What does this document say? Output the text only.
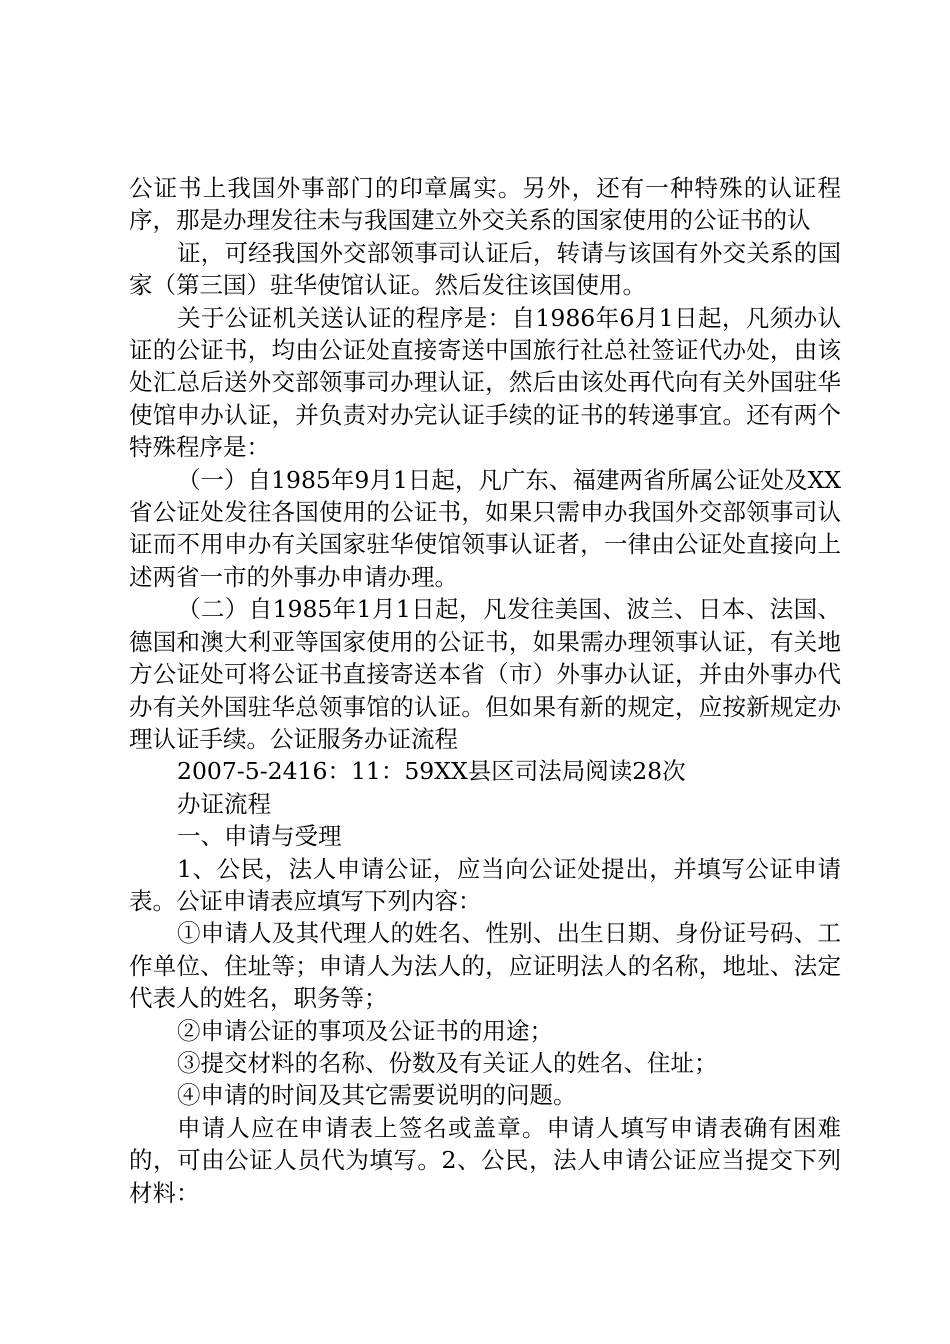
公证书上我国外事部门的印章属实。另外，还有一种特殊的认证程序，那是办理发往未与我国建立外交关系的国家使用的公证书的认

证，可经我国外交部领事司认证后，转请与该国有外交关系的国家（第三国）驻华使馆认证。然后发往该国使用。

关于公证机关送认证的程序是：自1986年6月1日起，凡须办认证的公证书，均由公证处直接寄送中国旅行社总社签证代办处，由该处汇总后送外交部领事司办理认证，然后由该处再代向有关外国驻华使馆申办认证，并负责对办完认证手续的证书的转递事宜。还有两个特殊程序是：

（一）自1985年9月1日起，凡广东、福建两省所属公证处及XX省公证处发往各国使用的公证书，如果只需申办我国外交部领事司认证而不用申办有关国家驻华使馆领事认证者，一律由公证处直接向上述两省一市的外事办申请办理。

（二）自1985年1月1日起，凡发往美国、波兰、日本、法国、德国和澳大利亚等国家使用的公证书，如果需办理领事认证，有关地方公证处可将公证书直接寄送本省（市）外事办认证，并由外事办代办有关外国驻华总领事馆的认证。但如果有新的规定，应按新规定办理认证手续。公证服务办证流程

2007-5-2416：11：59XX县区司法局阅读28次

办证流程

一、申请与受理

1、公民，法人申请公证，应当向公证处提出，并填写公证申请表。公证申请表应填写下列内容：

①申请人及其代理人的姓名、性别、出生日期、身份证号码、工作单位、住址等；申请人为法人的，应证明法人的名称，地址、法定代表人的姓名，职务等；

②申请公证的事项及公证书的用途；

③提交材料的名称、份数及有关证人的姓名、住址；

④申请的时间及其它需要说明的问题。

申请人应在申请表上签名或盖章。申请人填写申请表确有困难的，可由公证人员代为填写。2、公民，法人申请公证应当提交下列材料：
